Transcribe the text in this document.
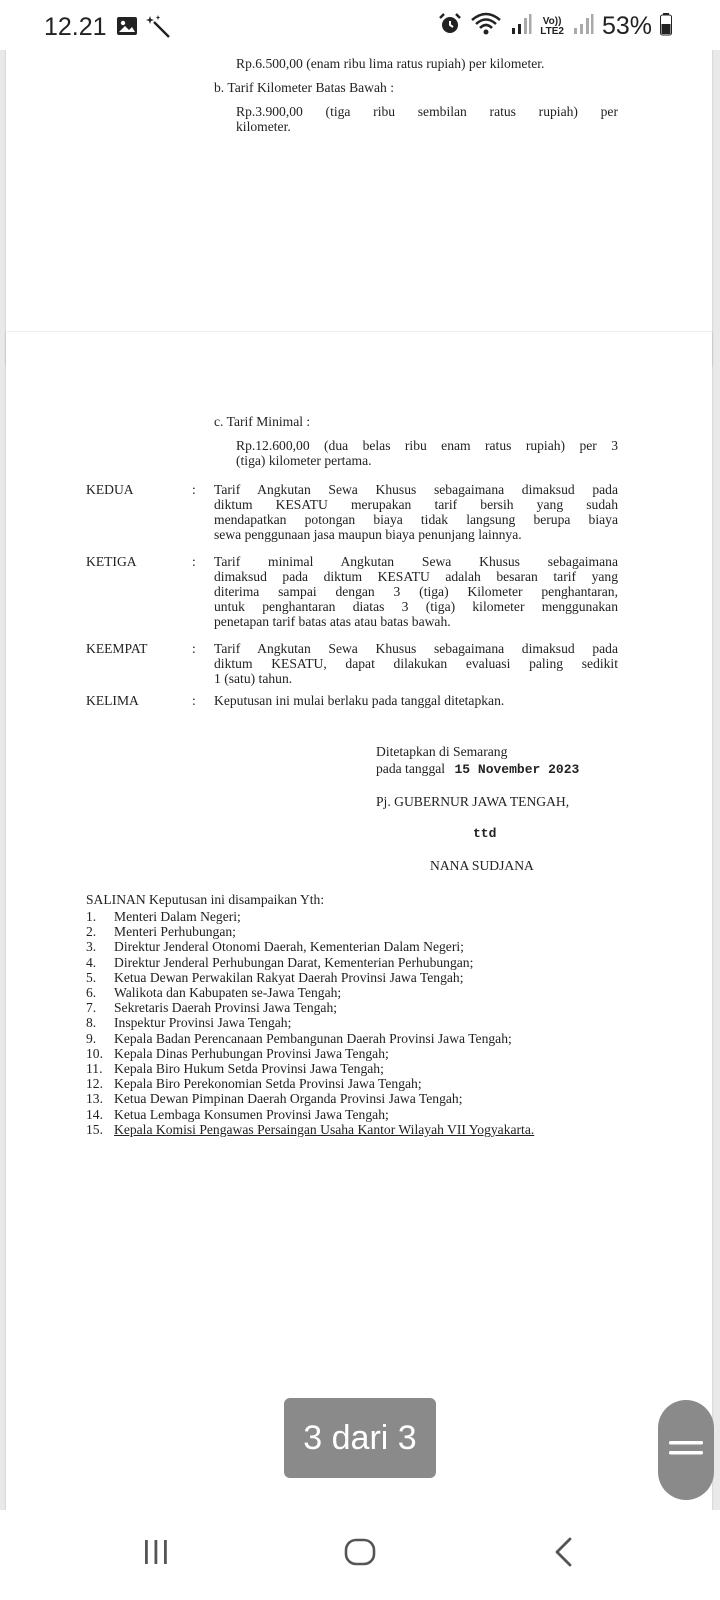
12.21	Vo))
LTE2 53%
Rp.6.500,00 (enam ribu lima ratus rupiah) per kilometer.
b. Tarif Kilometer Batas Bawah :
Rp.3.900,00 (tiga ribu sembilan ratus rupiah) per
kilometer.
c. Tarif Minimal :
Rp.12.600,00 (dua belas ribu enam ratus rupiah) per 3
(tiga) kilometer pertama.
KEDUA	: Tarif Angkutan Sewa Khusus sebagaimana dimaksud pada
diktum KESATU merupakan tarif bersih yang sudah
mendapatkan potongan biaya tidak langsung berupa biaya
sewa penggunaan jasa maupun biaya penunjang lainnya.
KETIGA	: Tarif minimal Angkutan Sewa Khusus sebagaimana
dimaksud pada diktum KESATU adalah besaran tarif yang
diterima sampai dengan 3 (tiga) Kilometer penghantaran,
untuk penghantaran diatas 3 (tiga) kilometer menggunakan
penetapan tarif batas atas atau batas bawah.
KEEMPAT	: Tarif Angkutan Sewa Khusus sebagaimana dimaksud pada
diktum KESATU, dapat dilakukan evaluasi paling sedikit
1 (satu) tahun.
KELIMA	: Keputusan ini mulai berlaku pada tanggal ditetapkan.
Ditetapkan di Semarang
pada tanggal 15 November 2023
Pj. GUBERNUR JAWA TENGAH,
ttd
NANA SUDJANA
SALINAN Keputusan ini disampaikan Yth:
1.	Menteri Dalam Negeri;
2.	Menteri Perhubungan;
3.	Direktur Jenderal Otonomi Daerah, Kementerian Dalam Negeri;
4.	Direktur Jenderal Perhubungan Darat, Kementerian Perhubungan;
5.	Ketua Dewan Perwakilan Rakyat Daerah Provinsi Jawa Tengah;
6.	Walikota dan Kabupaten se-Jawa Tengah;
7.	Sekretaris Daerah Provinsi Jawa Tengah;
8.	Inspektur Provinsi Jawa Tengah;
9.	Kepala Badan Perencanaan Pembangunan Daerah Provinsi Jawa Tengah;
10. Kepala Dinas Perhubungan Provinsi Jawa Tengah;
11. Kepala Biro Hukum Setda Provinsi Jawa Tengah;
12. Kepala Biro Perekonomian Setda Provinsi Jawa Tengah;
13. Ketua Dewan Pimpinan Daerah Organda Provinsi Jawa Tengah;
14. Ketua Lembaga Konsumen Provinsi Jawa Tengah;
15. Kepala Komisi Pengawas Persaingan Usaha Kantor Wilayah VII Yogyakarta.
3 dari 3
